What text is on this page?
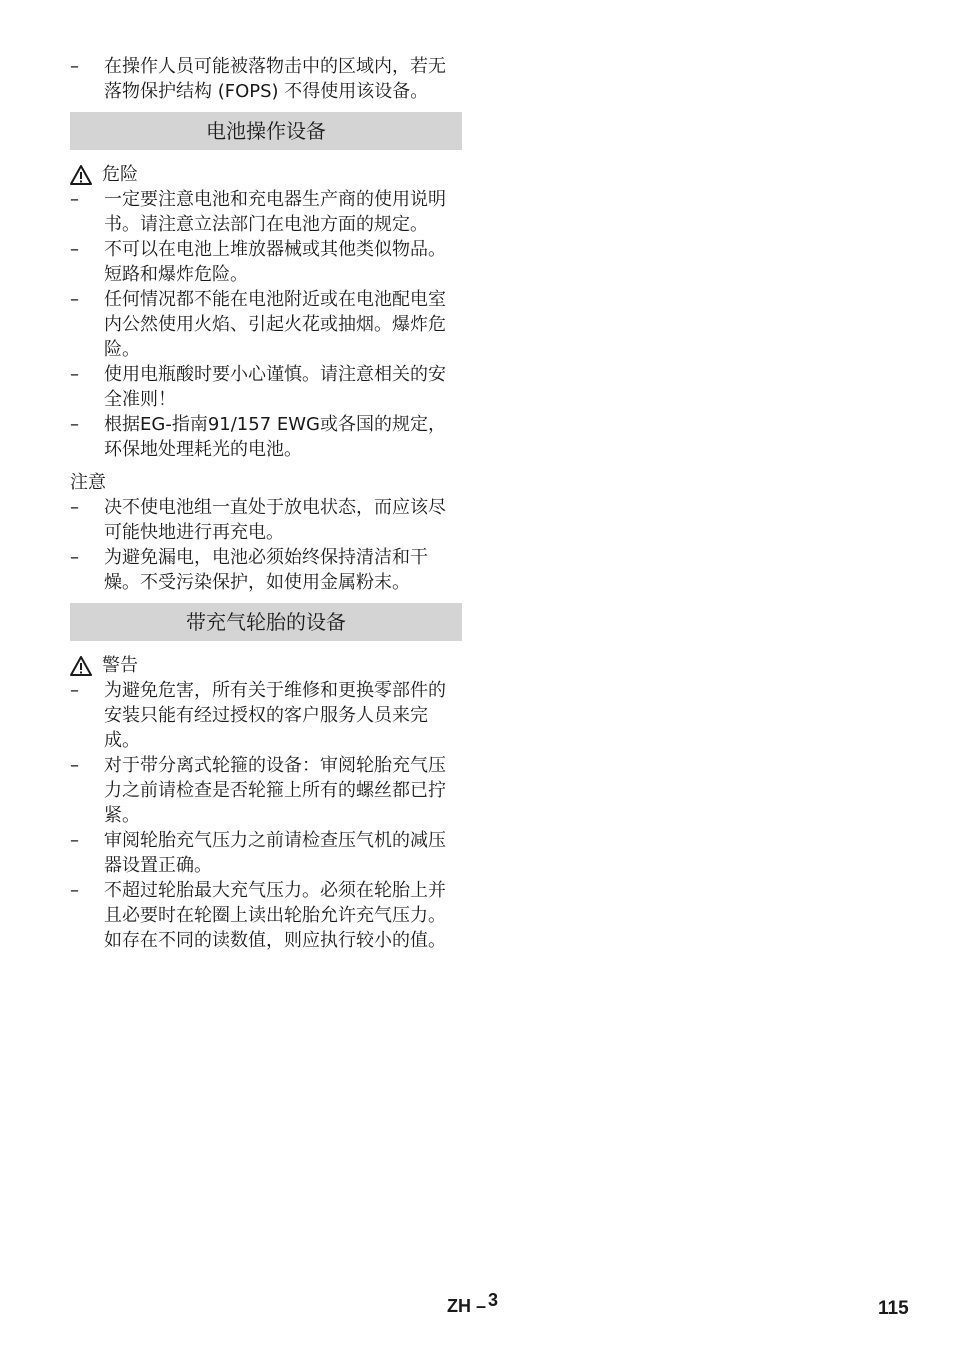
– 在操作人员可能被落物击中的区域内，若无落物保护结构 (FOPS) 不得使用该设备。
电池操作设备
危险
– 一定要注意电池和充电器生产商的使用说明书。请注意立法部门在电池方面的规定。
– 不可以在电池上堆放器械或其他类似物品。短路和爆炸危险。
– 任何情况都不能在电池附近或在电池配电室内公然使用火焰、引起火花或抽烟。爆炸危险。
– 使用电瓶酸时要小心谨慎。请注意相关的安全准则！
– 根据EG-指南91/157 EWG或各国的规定，环保地处理耗光的电池。
注意
– 决不使电池组一直处于放电状态，而应该尽可能快地进行再充电。
– 为避免漏电，电池必须始终保持清洁和干燥。不受污染保护，如使用金属粉末。
带充气轮胎的设备
警告
– 为避免危害，所有关于维修和更换零部件的安装只能有经过授权的客户服务人员来完成。
– 对于带分离式轮箍的设备：审阅轮胎充气压力之前请检查是否轮箍上所有的螺丝都已拧紧。
– 审阅轮胎充气压力之前请检查压气机的减压器设置正确。
– 不超过轮胎最大充气压力。必须在轮胎上并且必要时在轮圈上读出轮胎允许充气压力。如存在不同的读数值，则应执行较小的值。
ZH – 3	115
